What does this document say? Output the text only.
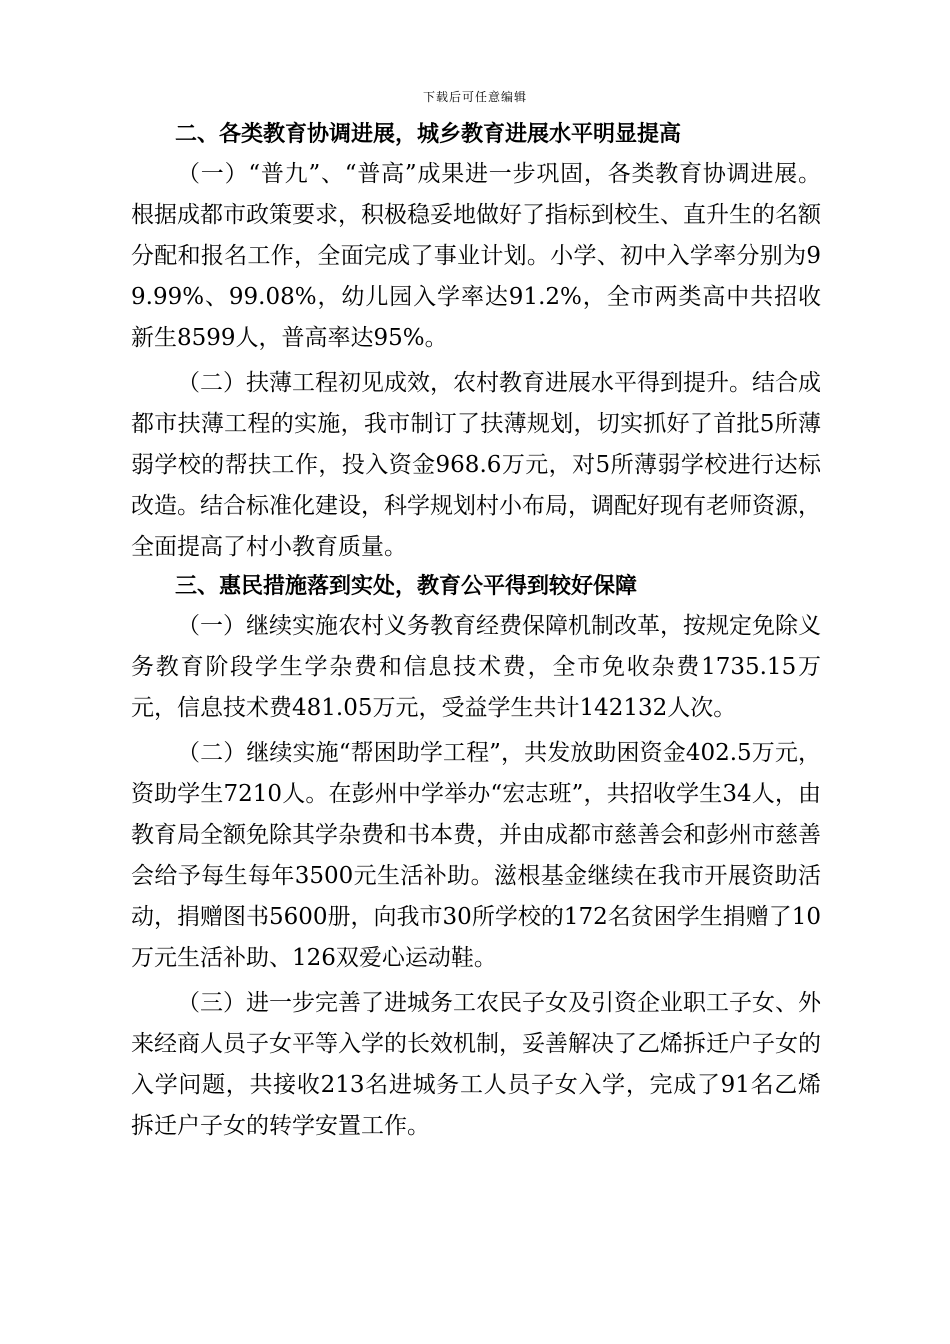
下载后可任意编辑
二、各类教育协调进展，城乡教育进展水平明显提高

（一）“普九”、“普高”成果进一步巩固，各类教育协调进展。根据成都市政策要求，积极稳妥地做好了指标到校生、直升生的名额分配和报名工作，全面完成了事业计划。小学、初中入学率分别为99.99%、99.08%，幼儿园入学率达91.2%，全市两类高中共招收新生8599人，普高率达95%。

（二）扶薄工程初见成效，农村教育进展水平得到提升。结合成都市扶薄工程的实施，我市制订了扶薄规划，切实抓好了首批5所薄弱学校的帮扶工作，投入资金968.6万元，对5所薄弱学校进行达标改造。结合标准化建设，科学规划村小布局，调配好现有老师资源，全面提高了村小教育质量。

三、惠民措施落到实处，教育公平得到较好保障

（一）继续实施农村义务教育经费保障机制改革，按规定免除义务教育阶段学生学杂费和信息技术费，全市免收杂费1735.15万元，信息技术费481.05万元，受益学生共计142132人次。

（二）继续实施“帮困助学工程”，共发放助困资金402.5万元，资助学生7210人。在彭州中学举办“宏志班”，共招收学生34人，由教育局全额免除其学杂费和书本费，并由成都市慈善会和彭州市慈善会给予每生每年3500元生活补助。滋根基金继续在我市开展资助活动，捐赠图书5600册，向我市30所学校的172名贫困学生捐赠了10万元生活补助、126双爱心运动鞋。

（三）进一步完善了进城务工农民子女及引资企业职工子女、外来经商人员子女平等入学的长效机制，妥善解决了乙烯拆迁户子女的入学问题，共接收213名进城务工人员子女入学，完成了91名乙烯拆迁户子女的转学安置工作。
